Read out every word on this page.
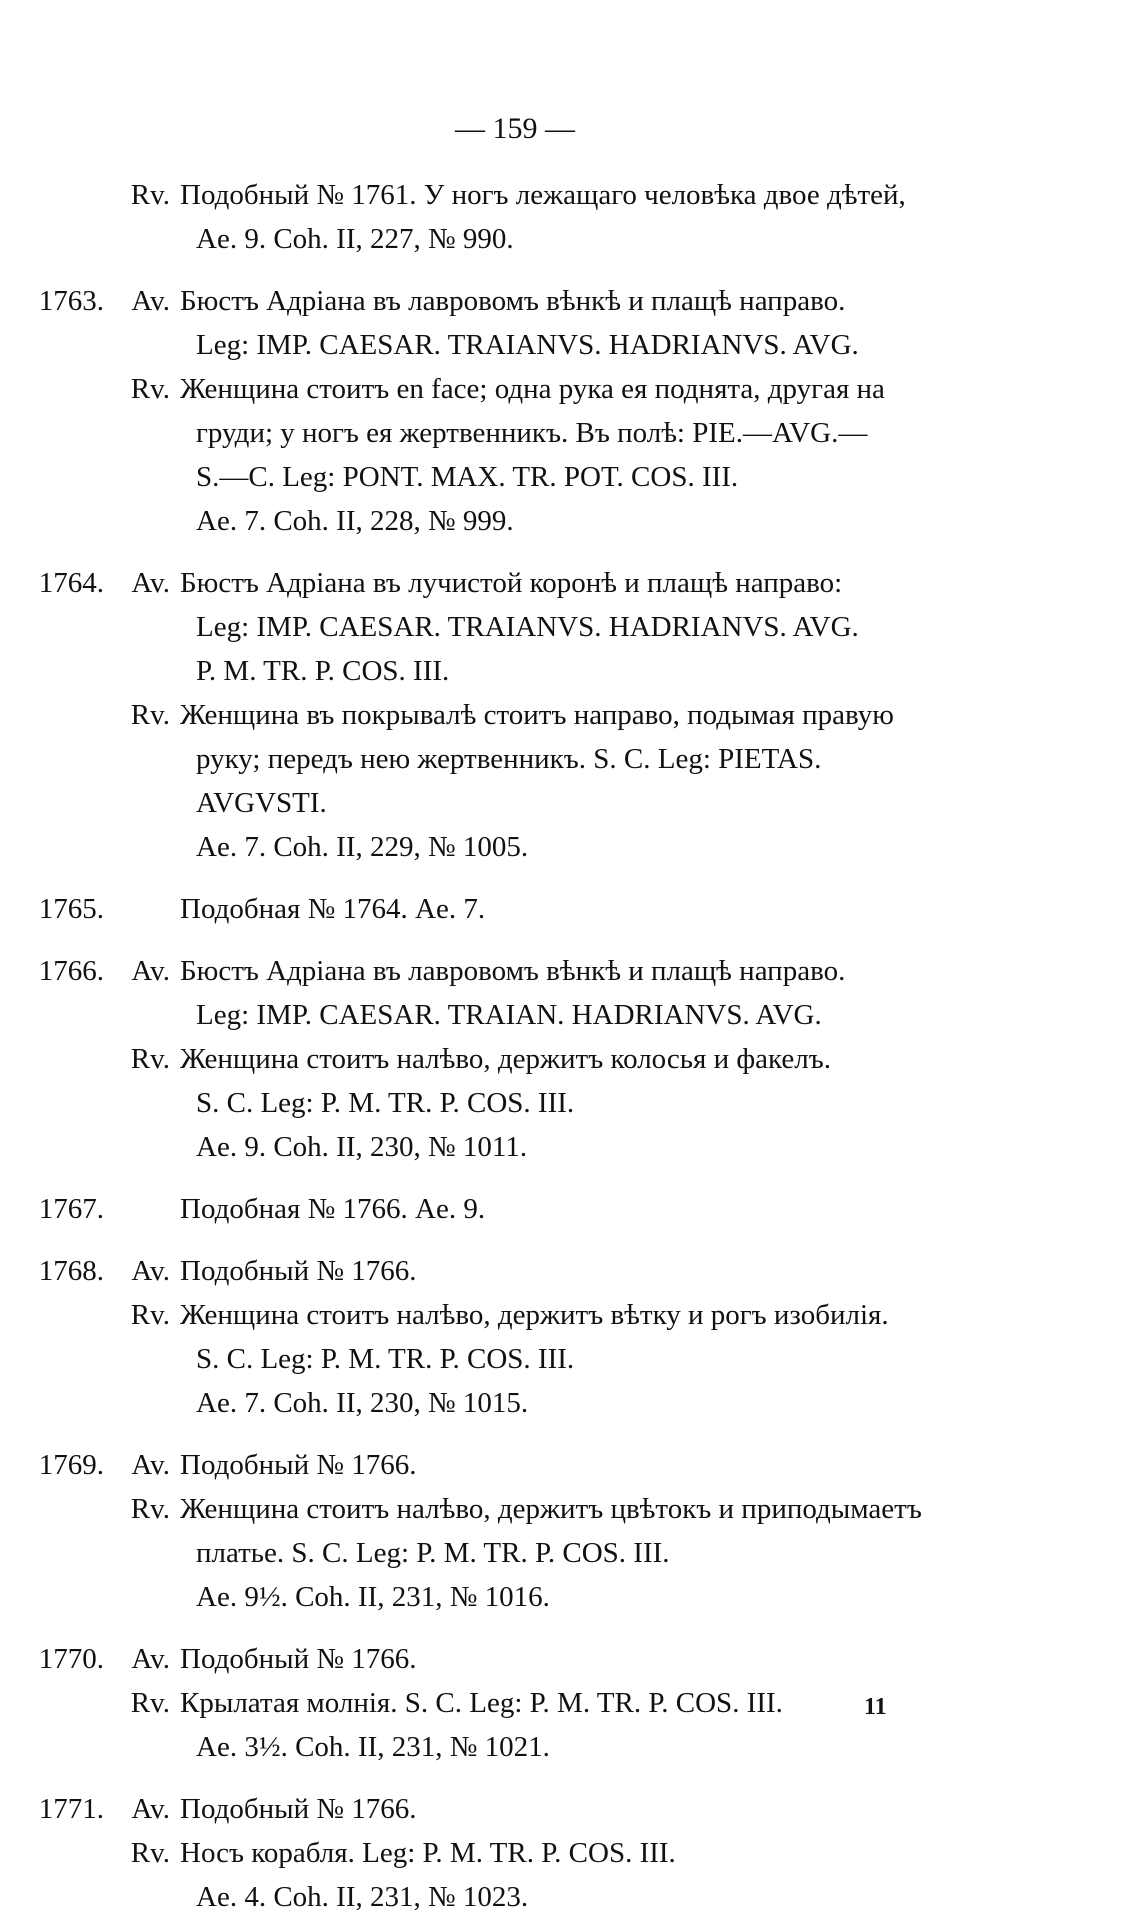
— 159 —
Rv. Подобный № 1761. У ногъ лежащаго человѣка двое дѣтей,
Ae. 9. Coh. II, 227, № 990.
1763. Av. Бюстъ Адріана въ лавровомъ вѣнкѣ и плащѣ направо.
Leg: IMP. CAESAR. TRAIANVS. HADRIANVS. AVG.
Rv. Женщина стоитъ en face; одна рука ея поднята, другая на
груди; у ногъ ея жертвенникъ. Въ полѣ: PIE.—AVG.—
S.—C. Leg: PONT. MAX. TR. POT. COS. III.
Ae. 7. Coh. II, 228, № 999.
1764. Av. Бюстъ Адріана въ лучистой коронѣ и плащѣ направо:
Leg: IMP. CAESAR. TRAIANVS. HADRIANVS. AVG.
P. M. TR. P. COS. III.
Rv. Женщина въ покрывалѣ стоитъ направо, подымая правую
руку; передъ нею жертвенникъ. S. C. Leg: PIETAS.
AVGVSTI.
Ae. 7. Coh. II, 229, № 1005.
1765.	Подобная № 1764. Ae. 7.
1766. Av. Бюстъ Адріана въ лавровомъ вѣнкѣ и плащѣ направо.
Leg: IMP. CAESAR. TRAIAN. HADRIANVS. AVG.
Rv. Женщина стоитъ налѣво, держитъ колосья и факелъ.
S. C. Leg: P. M. TR. P. COS. III.
Ae. 9. Coh. II, 230, № 1011.
1767.	Подобная № 1766. Ae. 9.
1768. Av. Подобный № 1766.
Rv. Женщина стоитъ налѣво, держитъ вѣтку и рогъ изобилія.
S. C. Leg: P. M. TR. P. COS. III.
Ae. 7. Coh. II, 230, № 1015.
1769. Av. Подобный № 1766.
Rv. Женщина стоитъ налѣво, держитъ цвѣтокъ и приподымаетъ
платье. S. C. Leg: P. M. TR. P. COS. III.
Ae. 9½. Coh. II, 231, № 1016.
1770. Av. Подобный № 1766.
Rv. Крылатая молнія. S. C. Leg: P. M. TR. P. COS. III.
Ae. 3½. Coh. II, 231, № 1021.
1771. Av. Подобный № 1766.
Rv. Носъ корабля. Leg: P. M. TR. P. COS. III.
Ae. 4. Coh. II, 231, № 1023.
11
